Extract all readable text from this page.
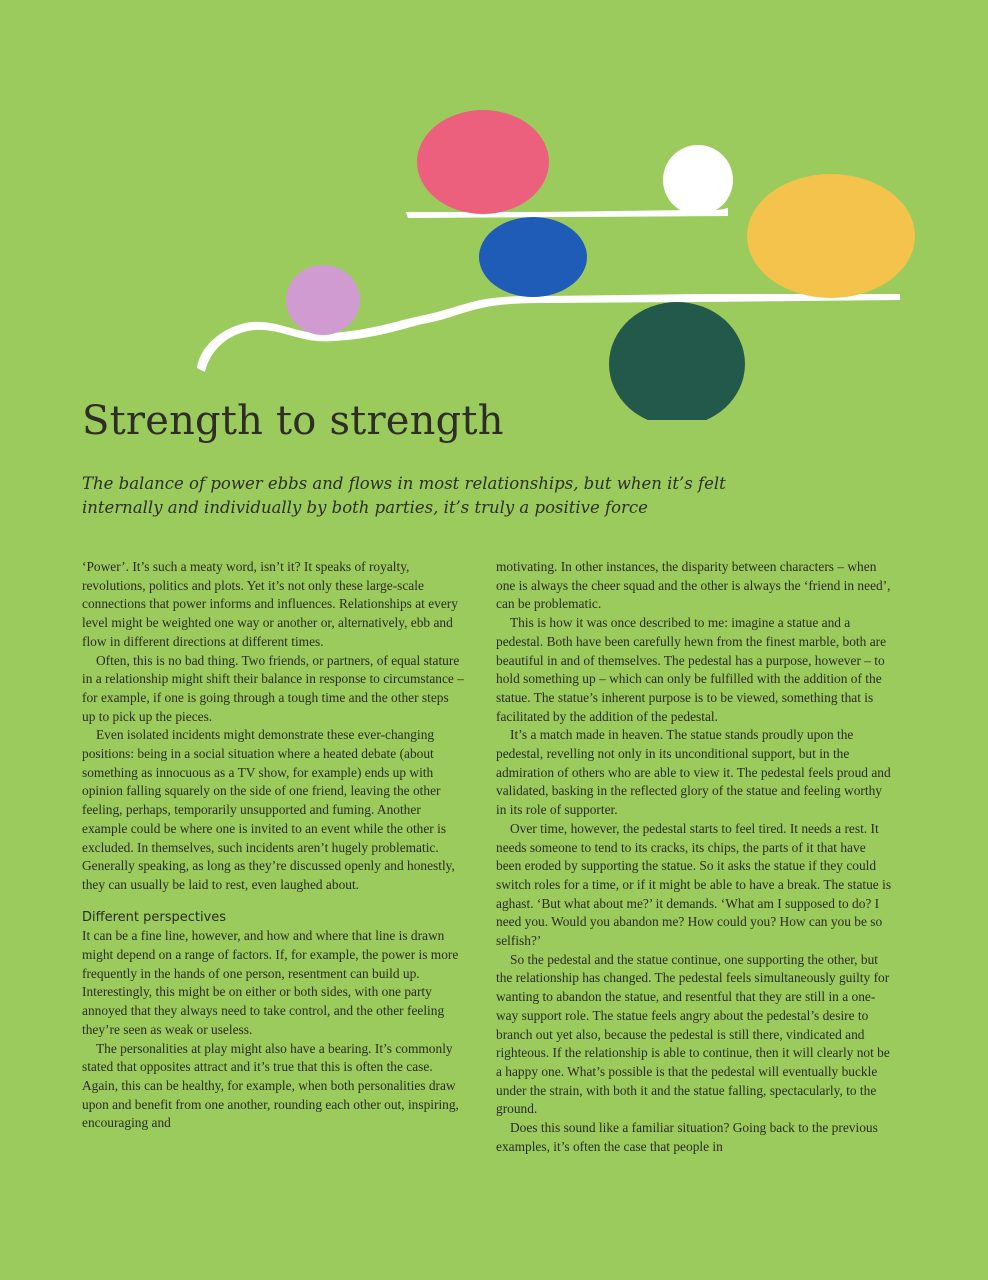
Strength to strength

The balance of power ebbs and flows in most relationships, but when it’s felt internally and individually by both parties, it’s truly a positive force

‘Power’. It’s such a meaty word, isn’t it? It speaks of royalty, revolutions, politics and plots. Yet it’s not only these large-scale connections that power informs and influences. Relationships at every level might be weighted one way or another or, alternatively, ebb and flow in different directions at different times.

Often, this is no bad thing. Two friends, or partners, of equal stature in a relationship might shift their balance in response to circumstance – for example, if one is going through a tough time and the other steps up to pick up the pieces.

Even isolated incidents might demonstrate these ever-changing positions: being in a social situation where a heated debate (about something as innocuous as a TV show, for example) ends up with opinion falling squarely on the side of one friend, leaving the other feeling, perhaps, temporarily unsupported and fuming. Another example could be where one is invited to an event while the other is excluded. In themselves, such incidents aren’t hugely problematic. Generally speaking, as long as they’re discussed openly and honestly, they can usually be laid to rest, even laughed about.

Different perspectives

It can be a fine line, however, and how and where that line is drawn might depend on a range of factors. If, for example, the power is more frequently in the hands of one person, resentment can build up. Interestingly, this might be on either or both sides, with one party annoyed that they always need to take control, and the other feeling they’re seen as weak or useless.

The personalities at play might also have a bearing. It’s commonly stated that opposites attract and it’s true that this is often the case. Again, this can be healthy, for example, when both personalities draw upon and benefit from one another, rounding each other out, inspiring, encouraging and

motivating. In other instances, the disparity between characters – when one is always the cheer squad and the other is always the ‘friend in need’, can be problematic.

This is how it was once described to me: imagine a statue and a pedestal. Both have been carefully hewn from the finest marble, both are beautiful in and of themselves. The pedestal has a purpose, however – to hold something up – which can only be fulfilled with the addition of the statue. The statue’s inherent purpose is to be viewed, something that is facilitated by the addition of the pedestal.

It’s a match made in heaven. The statue stands proudly upon the pedestal, revelling not only in its unconditional support, but in the admiration of others who are able to view it. The pedestal feels proud and validated, basking in the reflected glory of the statue and feeling worthy in its role of supporter.

Over time, however, the pedestal starts to feel tired. It needs a rest. It needs someone to tend to its cracks, its chips, the parts of it that have been eroded by supporting the statue. So it asks the statue if they could switch roles for a time, or if it might be able to have a break. The statue is aghast. ‘But what about me?’ it demands. ‘What am I supposed to do? I need you. Would you abandon me? How could you? How can you be so selfish?’

So the pedestal and the statue continue, one supporting the other, but the relationship has changed. The pedestal feels simultaneously guilty for wanting to abandon the statue, and resentful that they are still in a one-way support role. The statue feels angry about the pedestal’s desire to branch out yet also, because the pedestal is still there, vindicated and righteous. If the relationship is able to continue, then it will clearly not be a happy one. What’s possible is that the pedestal will eventually buckle under the strain, with both it and the statue falling, spectacularly, to the ground.

Does this sound like a familiar situation? Going back to the previous examples, it’s often the case that people in
